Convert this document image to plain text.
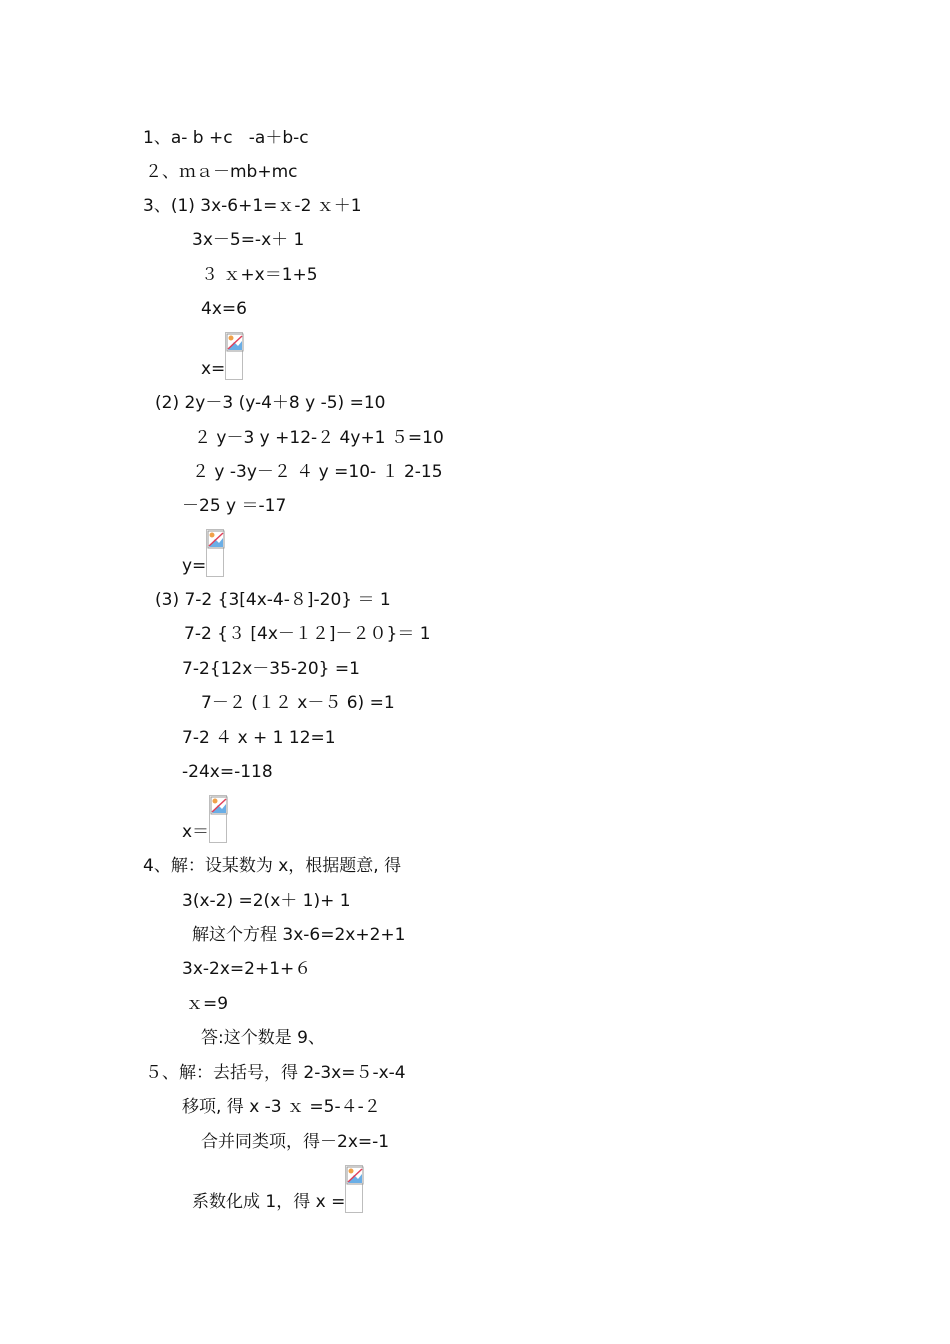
1、a- b +c   -a＋b-c
２、ｍａ－mb+mc
3、(1) 3x-6+1=ｘ-2 ｘ＋1
3x－5=-x＋ 1
３ ｘ+x＝1+5
4x=6
x=

(2) 2y－3 (y-4＋8 y -5) =10
２ y－3 y +12-２ 4y+1 ５=10
２ y -3y－２ ４ y =10- １ 2-15
－25 y ＝-17
y=

(3) 7-2 {3[4x-4-８]-20} ＝ 1
7-2 {３ [4x－１２]－２０}＝ 1
7-2{12x－35-20} =1
7－２ (１２ x－５ 6) =1
7-2 ４ x + 1 12=1
-24x=-118
x＝

4、解：设某数为 x，根据题意, 得
3(x-2) =2(x＋ 1)+ 1
解这个方程 3x-6=2x+2+1
3x-2x=2+1+６
ｘ=9
答:这个数是 9、
５、解：去括号，得 2-3x=５-x-4
移项, 得 x -3 ｘ =5-４-２
合并同类项，得－2x=-1
系数化成 1，得 x =
